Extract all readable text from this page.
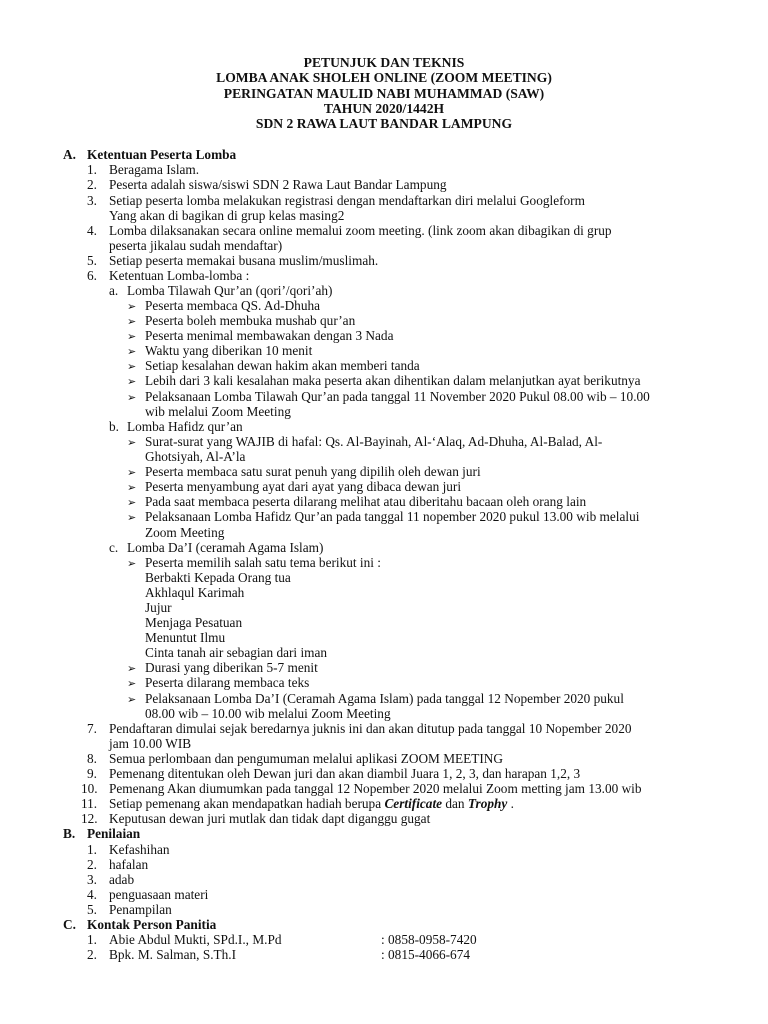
PETUNJUK DAN TEKNIS
LOMBA ANAK SHOLEH ONLINE (ZOOM MEETING)
PERINGATAN MAULID NABI MUHAMMAD (SAW)
TAHUN 2020/1442H
SDN 2 RAWA LAUT BANDAR LAMPUNG
A. Ketentuan Peserta Lomba
1. Beragama Islam.
2. Peserta adalah siswa/siswi SDN 2 Rawa Laut Bandar Lampung
3. Setiap peserta lomba melakukan registrasi dengan mendaftarkan diri melalui Googleform
Yang akan di bagikan di grup kelas masing2
4. Lomba dilaksanakan secara online memalui zoom meeting. (link zoom akan dibagikan di grup
peserta jikalau sudah mendaftar)
5. Setiap peserta memakai busana muslim/muslimah.
6. Ketentuan Lomba-lomba :
a. Lomba Tilawah Qur’an (qori’/qori’ah)
➢ Peserta membaca QS. Ad-Dhuha
➢ Peserta boleh membuka mushab qur’an
➢ Peserta menimal membawakan dengan 3 Nada
➢ Waktu yang diberikan 10 menit
➢ Setiap kesalahan dewan hakim akan memberi tanda
➢ Lebih dari 3 kali kesalahan maka peserta akan dihentikan dalam melanjutkan ayat berikutnya
➢ Pelaksanaan Lomba Tilawah Qur’an pada tanggal 11 November 2020 Pukul 08.00 wib – 10.00
wib melalui Zoom Meeting
b. Lomba Hafidz qur’an
➢ Surat-surat yang WAJIB di hafal: Qs. Al-Bayinah, Al-‘Alaq, Ad-Dhuha, Al-Balad, Al-
Ghotsiyah, Al-A’la
➢ Peserta membaca satu surat penuh yang dipilih oleh dewan juri
➢ Peserta menyambung ayat dari ayat yang dibaca dewan juri
➢ Pada saat membaca peserta dilarang melihat atau diberitahu bacaan oleh orang lain
➢ Pelaksanaan Lomba Hafidz Qur’an pada tanggal 11 nopember 2020 pukul 13.00 wib melalui
Zoom Meeting
c. Lomba Da’I (ceramah Agama Islam)
➢ Peserta memilih salah satu tema berikut ini :
Berbakti Kepada Orang tua
Akhlaqul Karimah
Jujur
Menjaga Pesatuan
Menuntut Ilmu
Cinta tanah air sebagian dari iman
➢ Durasi yang diberikan 5-7 menit
➢ Peserta dilarang membaca teks
➢ Pelaksanaan Lomba Da’I (Ceramah Agama Islam) pada tanggal 12 Nopember 2020 pukul
08.00 wib – 10.00 wib melalui Zoom Meeting
7. Pendaftaran dimulai sejak beredarnya juknis ini dan akan ditutup pada tanggal 10 Nopember 2020
jam 10.00 WIB
8. Semua perlombaan dan pengumuman melalui aplikasi ZOOM MEETING
9. Pemenang ditentukan oleh Dewan juri dan akan diambil Juara 1, 2, 3, dan harapan 1,2, 3
10. Pemenang Akan diumumkan pada tanggal 12 Nopember 2020 melalui Zoom metting jam 13.00 wib
11. Setiap pemenang akan mendapatkan hadiah berupa Certificate dan Trophy .
12. Keputusan dewan juri mutlak dan tidak dapt diganggu gugat
B. Penilaian
1. Kefashihan
2. hafalan
3. adab
4. penguasaan materi
5. Penampilan
C. Kontak Person Panitia
1. Abie Abdul Mukti, SPd.I., M.Pd	: 0858-0958-7420
2. Bpk. M. Salman, S.Th.I	: 0815-4066-674
